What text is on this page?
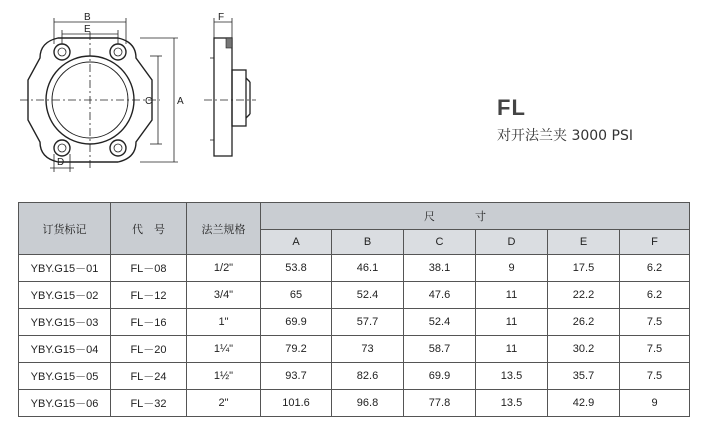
B
E
C A
D
F
FL
对开法兰夹 3000 PSI
订货标记	代　号	法兰规格	尺寸					
			A	B	C	D	E	F
YBY.G15－01	FL－08	1/2"	53.8	46.1	38.1	9	17.5	6.2
YBY.G15－02	FL－12	3/4"	65	52.4	47.6	11	22.2	6.2
YBY.G15－03	FL－16	1"	69.9	57.7	52.4	11	26.2	7.5
YBY.G15－04	FL－20	1¼"	79.2	73	58.7	11	30.2	7.5
YBY.G15－05	FL－24	1½"	93.7	82.6	69.9	13.5	35.7	7.5
YBY.G15－06	FL－32	2"	101.6	96.8	77.8	13.5	42.9	9
